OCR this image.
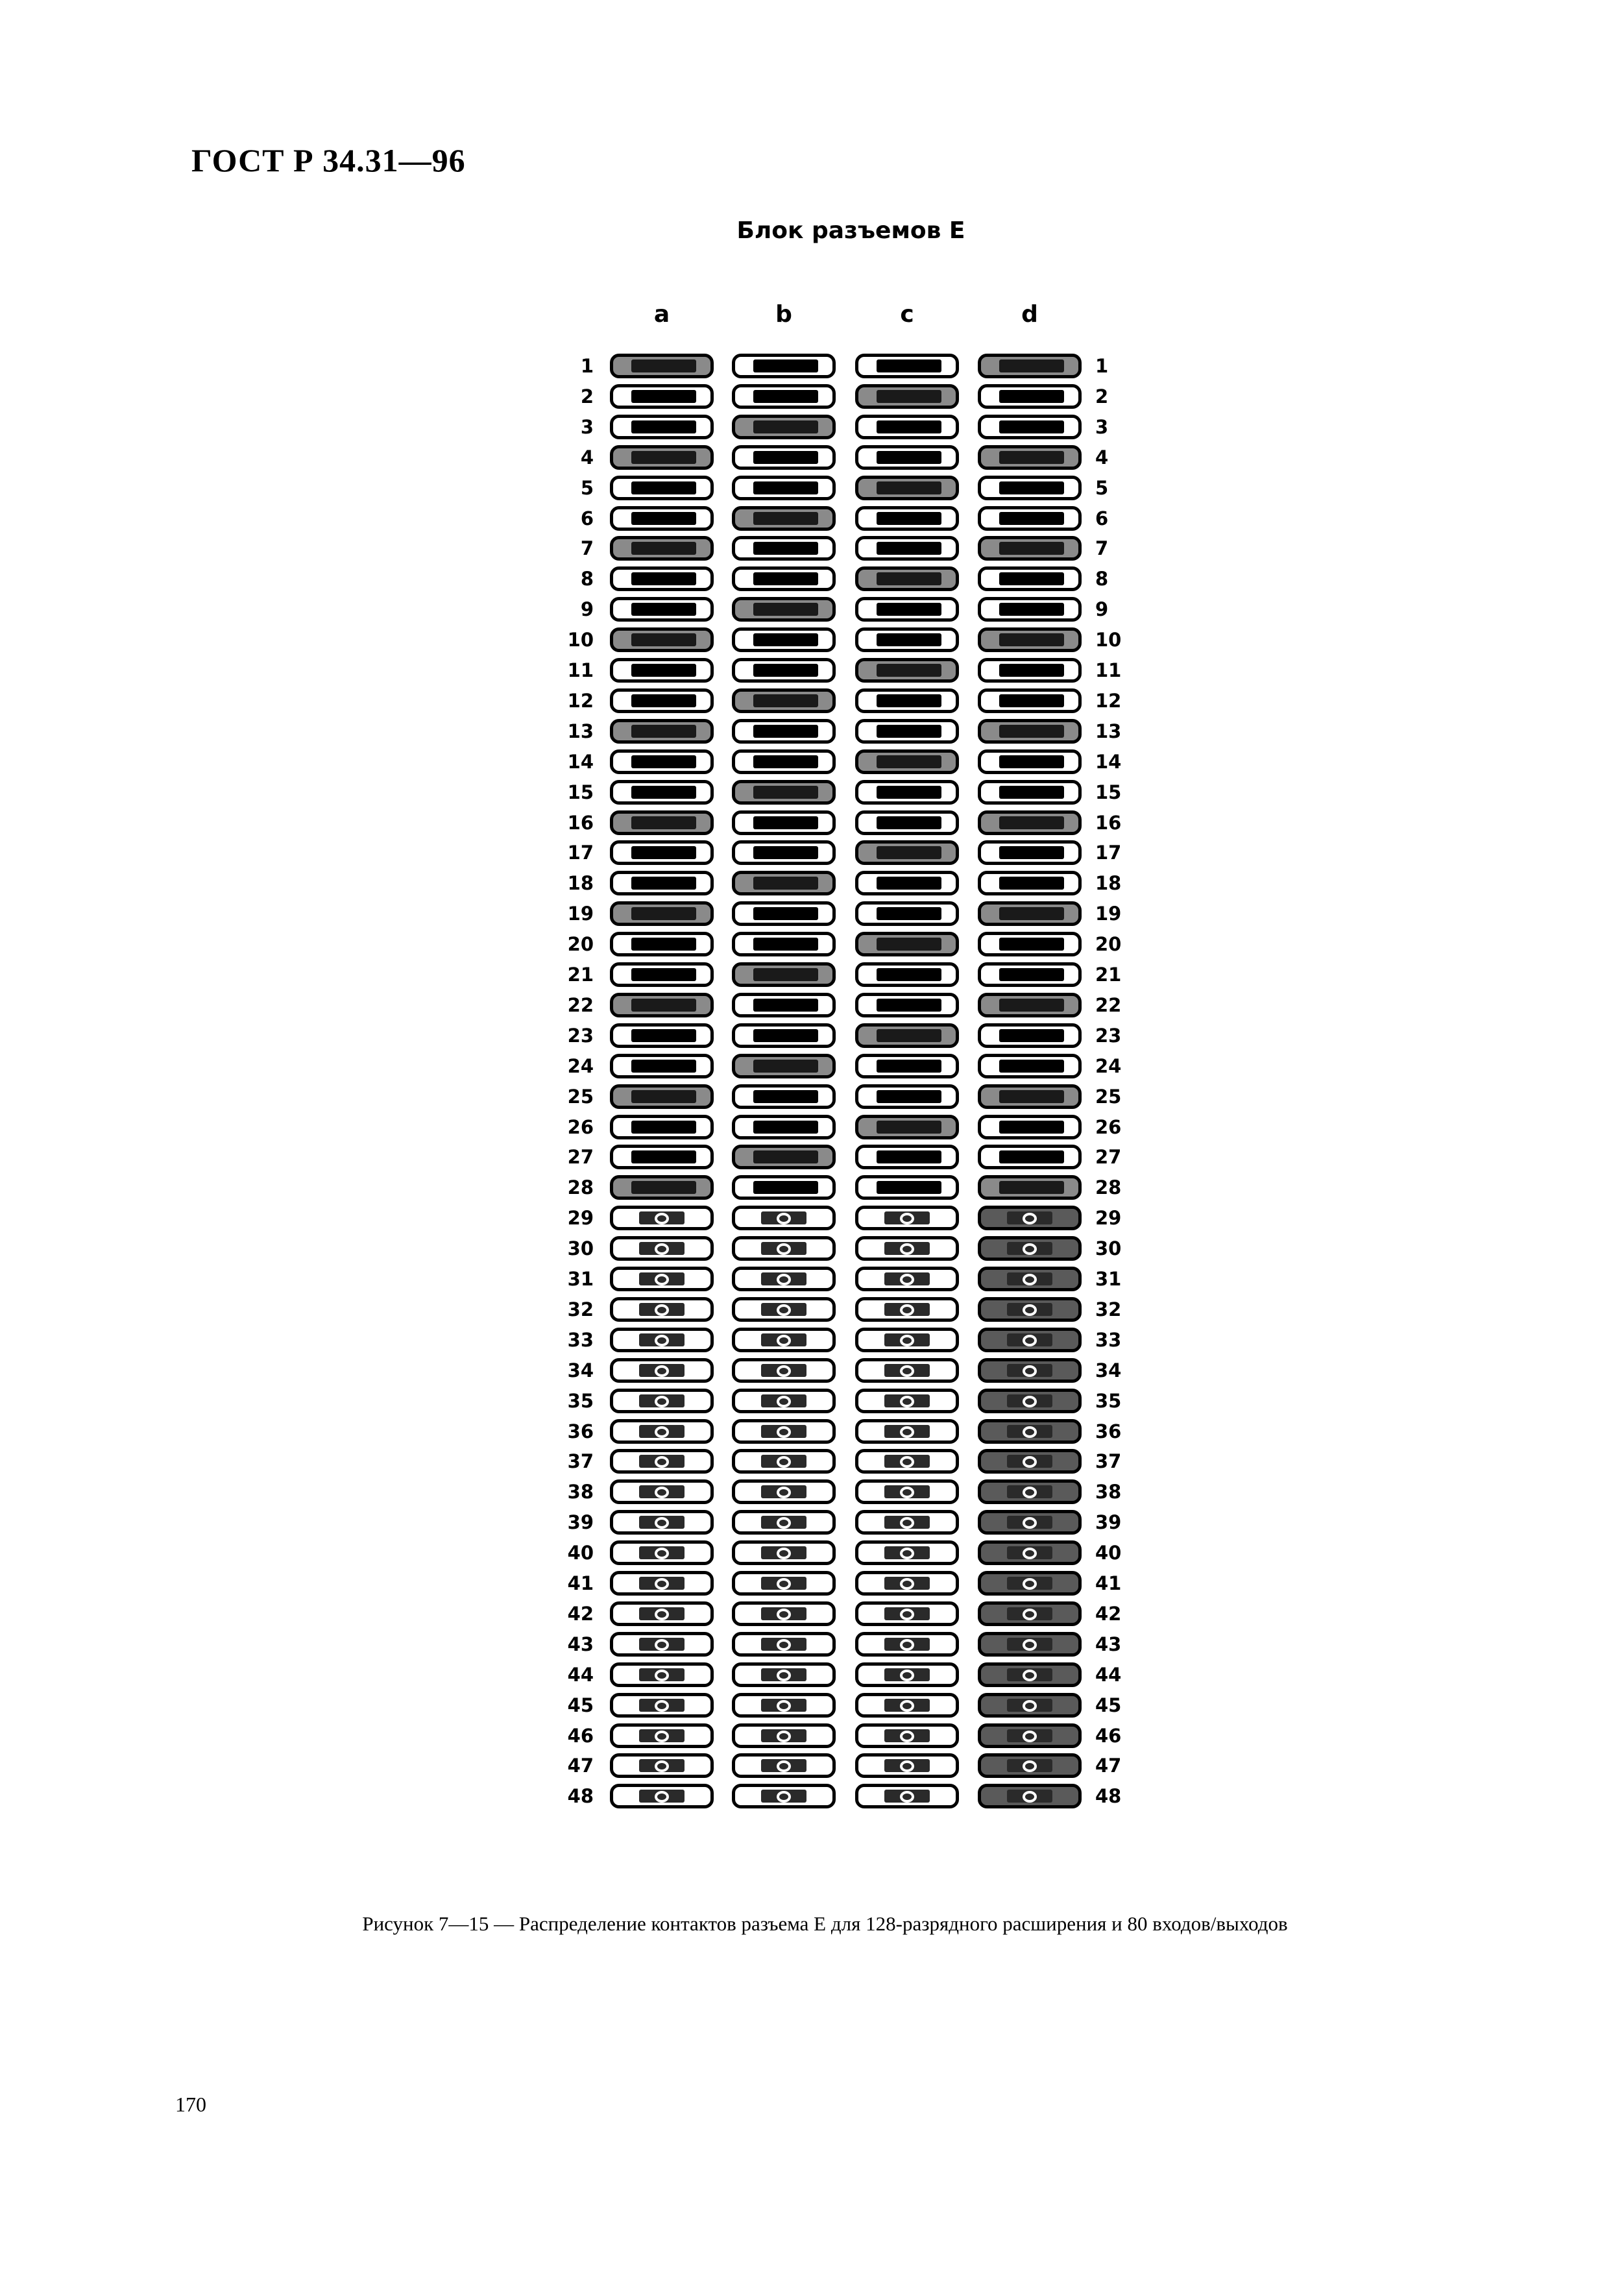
ГОСТ Р 34.31—96
Блок разъемов Е
a	b	c	d
1	1
2	2
3	3
4	4
5	5
6	6
7	7
8	8
9	9
10	10
11	11
12	12
13	13
14	14
15	15
16	16
17	17
18	18
19	19
20	20
21	21
22	22
23	23
24	24
25	25
26	26
27	27
28	28
29	29
30	30
31	31
32	32
33	33
34	34
35	35
36	36
37	37
38	38
39	39
40	40
41	41
42	42
43	43
44	44
45	45
46	46
47	47
48	48
Рисунок 7—15 — Распределение контактов разъема Е для 128-разрядного расширения и 80 входов/выходов
170
